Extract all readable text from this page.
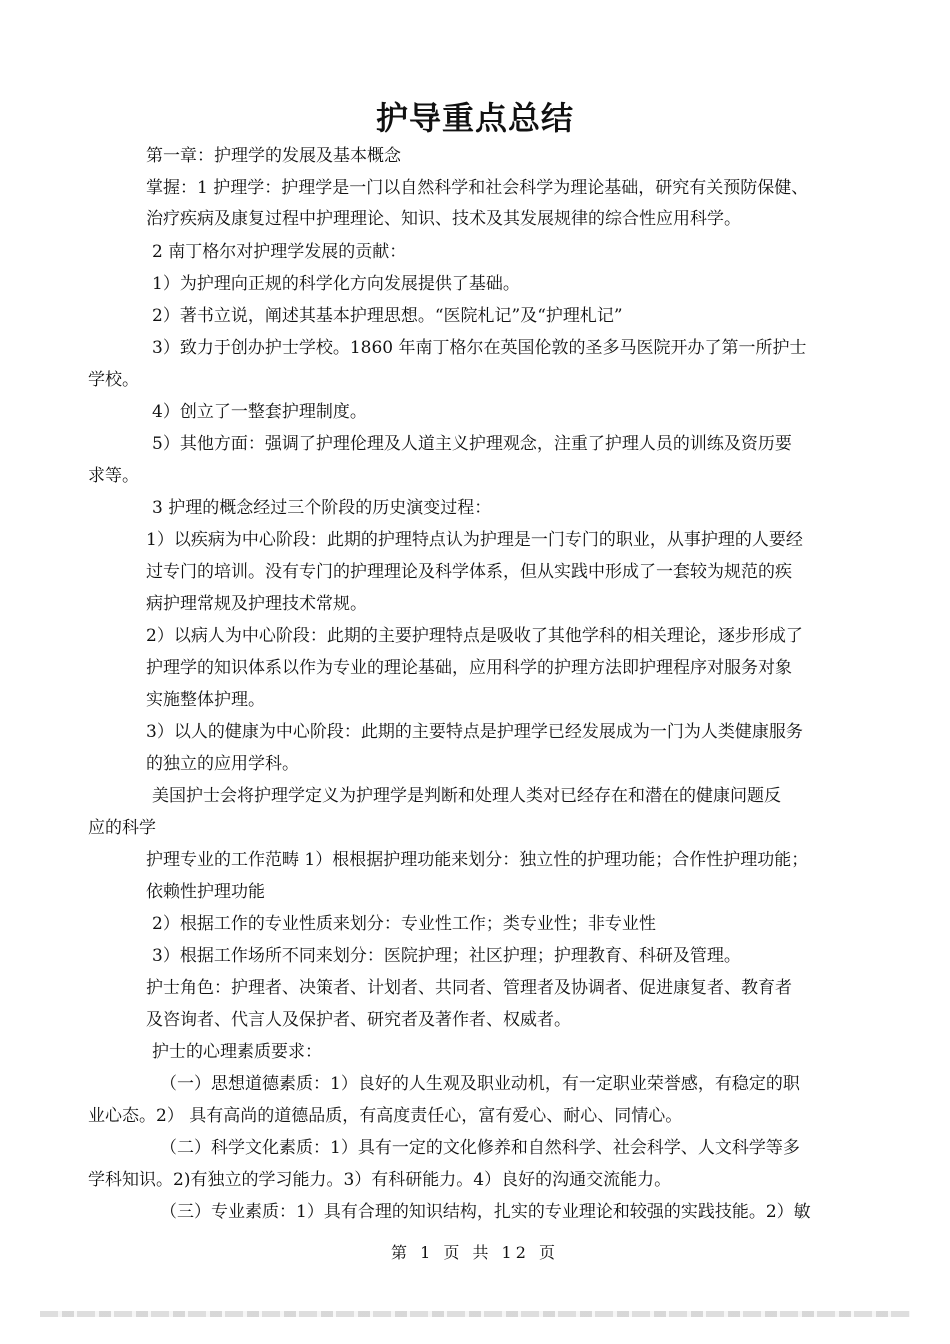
护导重点总结
第一章：护理学的发展及基本概念
掌握：1 护理学：护理学是一门以自然科学和社会科学为理论基础，研究有关预防保健、
治疗疾病及康复过程中护理理论、知识、技术及其发展规律的综合性应用科学。
2 南丁格尔对护理学发展的贡献：
1）为护理向正规的科学化方向发展提供了基础。
2）著书立说，阐述其基本护理思想。“医院札记”及“护理札记”
3）致力于创办护士学校。1860 年南丁格尔在英国伦敦的圣多马医院开办了第一所护士
学校。
4）创立了一整套护理制度。
5）其他方面：强调了护理伦理及人道主义护理观念，注重了护理人员的训练及资历要
求等。
3 护理的概念经过三个阶段的历史演变过程：
1）以疾病为中心阶段：此期的护理特点认为护理是一门专门的职业，从事护理的人要经
过专门的培训。没有专门的护理理论及科学体系，但从实践中形成了一套较为规范的疾
病护理常规及护理技术常规。
2）以病人为中心阶段：此期的主要护理特点是吸收了其他学科的相关理论，逐步形成了
护理学的知识体系以作为专业的理论基础，应用科学的护理方法即护理程序对服务对象
实施整体护理。
3）以人的健康为中心阶段：此期的主要特点是护理学已经发展成为一门为人类健康服务
的独立的应用学科。
美国护士会将护理学定义为护理学是判断和处理人类对已经存在和潜在的健康问题反
应的科学
护理专业的工作范畴 1）根根据护理功能来划分：独立性的护理功能；合作性护理功能；
依赖性护理功能
2）根据工作的专业性质来划分：专业性工作；类专业性；非专业性
3）根据工作场所不同来划分：医院护理；社区护理；护理教育、科研及管理。
护士角色：护理者、决策者、计划者、共同者、管理者及协调者、促进康复者、教育者
及咨询者、代言人及保护者、研究者及著作者、权威者。
护士的心理素质要求：
（一）思想道德素质：1）良好的人生观及职业动机，有一定职业荣誉感，有稳定的职
业心态。2） 具有高尚的道德品质，有高度责任心，富有爱心、耐心、同情心。
（二）科学文化素质：1）具有一定的文化修养和自然科学、社会科学、人文科学等多
学科知识。2)有独立的学习能力。3）有科研能力。4）良好的沟通交流能力。
（三）专业素质：1）具有合理的知识结构，扎实的专业理论和较强的实践技能。2）敏
第 1 页 共 12 页
